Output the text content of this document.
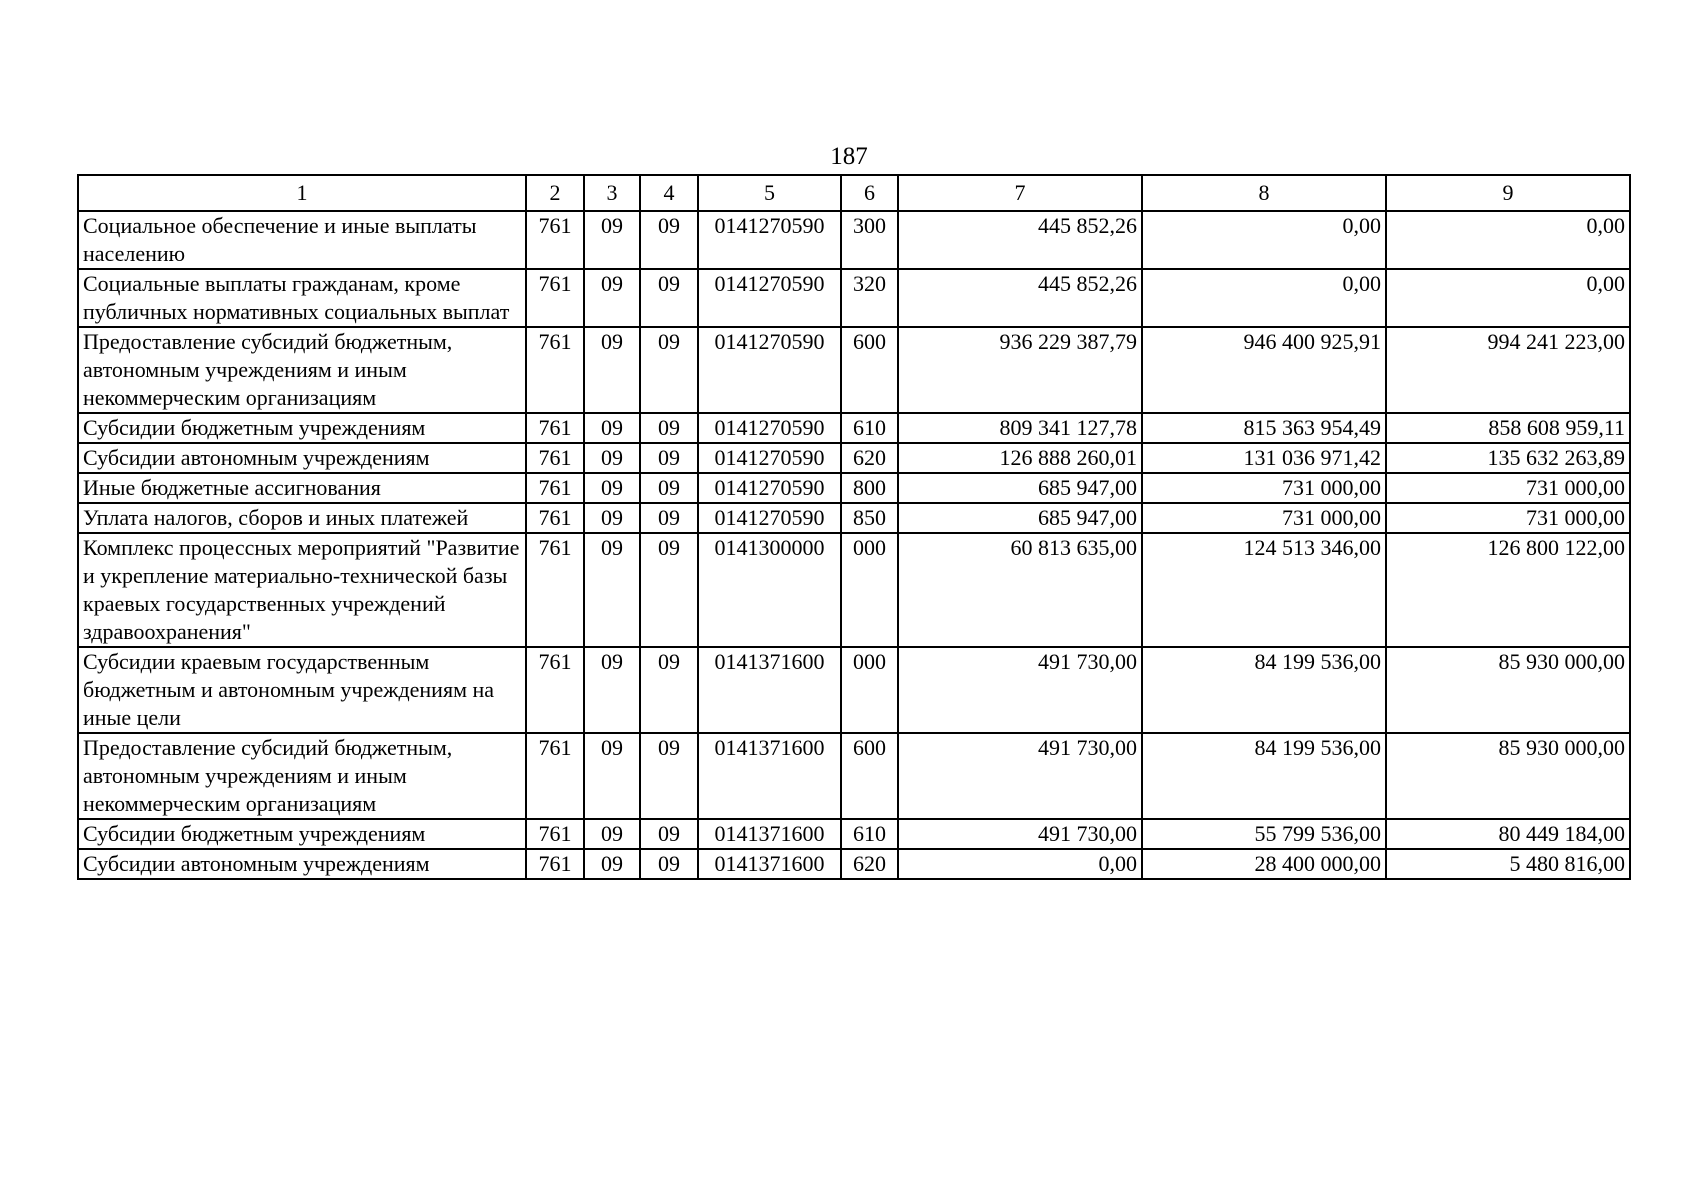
187
1	2	3	4	5	6	7	8	9
Социальное обеспечение и иные выплаты населению	761	09	09	0141270590	300	445 852,26	0,00	0,00
Социальные выплаты гражданам, кроме публичных нормативных социальных выплат	761	09	09	0141270590	320	445 852,26	0,00	0,00
Предоставление субсидий бюджетным, автономным учреждениям и иным некоммерческим организациям	761	09	09	0141270590	600	936 229 387,79	946 400 925,91	994 241 223,00
Субсидии бюджетным учреждениям	761	09	09	0141270590	610	809 341 127,78	815 363 954,49	858 608 959,11
Субсидии автономным учреждениям	761	09	09	0141270590	620	126 888 260,01	131 036 971,42	135 632 263,89
Иные бюджетные ассигнования	761	09	09	0141270590	800	685 947,00	731 000,00	731 000,00
Уплата налогов, сборов и иных платежей	761	09	09	0141270590	850	685 947,00	731 000,00	731 000,00
Комплекс процессных мероприятий "Развитие и укрепление материально-технической базы краевых государственных учреждений здравоохранения"	761	09	09	0141300000	000	60 813 635,00	124 513 346,00	126 800 122,00
Субсидии краевым государственным бюджетным и автономным учреждениям на иные цели	761	09	09	0141371600	000	491 730,00	84 199 536,00	85 930 000,00
Предоставление субсидий бюджетным, автономным учреждениям и иным некоммерческим организациям	761	09	09	0141371600	600	491 730,00	84 199 536,00	85 930 000,00
Субсидии бюджетным учреждениям	761	09	09	0141371600	610	491 730,00	55 799 536,00	80 449 184,00
Субсидии автономным учреждениям	761	09	09	0141371600	620	0,00	28 400 000,00	5 480 816,00
